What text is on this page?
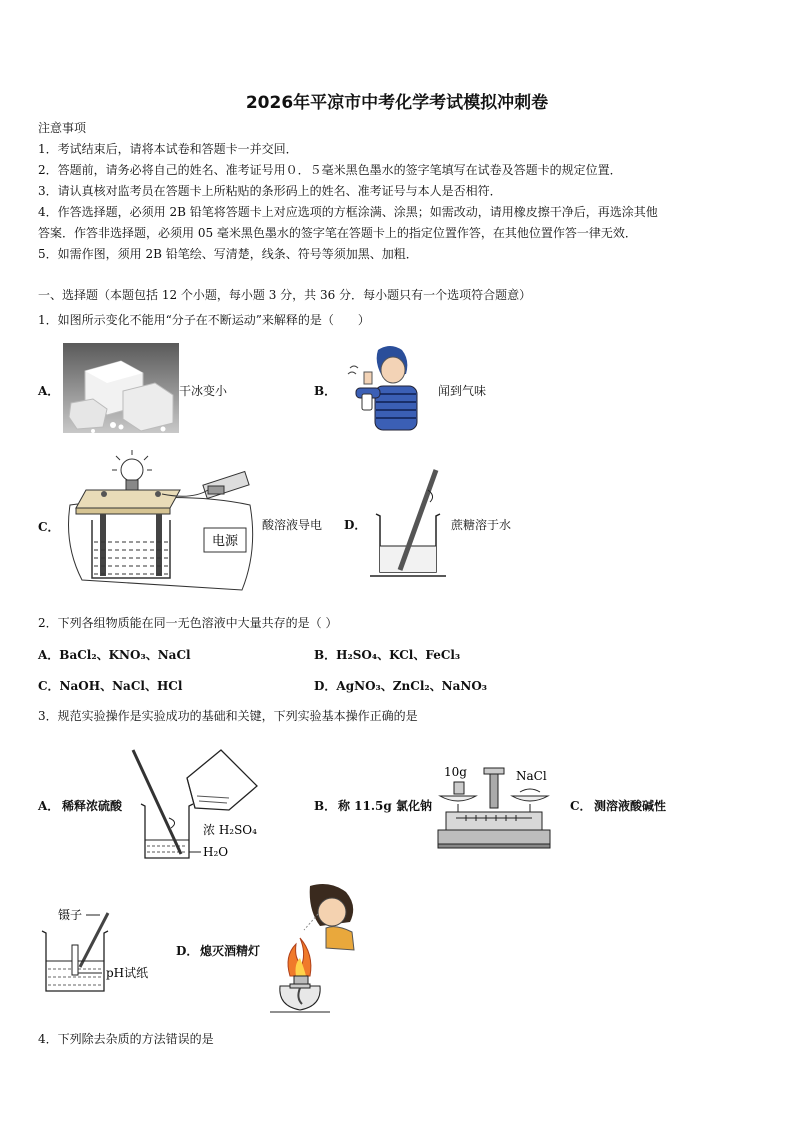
2026年平凉市中考化学考试模拟冲刺卷
注意事项
1．考试结束后，请将本试卷和答题卡一并交回．
2．答题前，请务必将自己的姓名、准考证号用０．５毫米黑色墨水的签字笔填写在试卷及答题卡的规定位置．
3．请认真核对监考员在答题卡上所粘贴的条形码上的姓名、准考证号与本人是否相符．
4．作答选择题，必须用 2B 铅笔将答题卡上对应选项的方框涂满、涂黑；如需改动，请用橡皮擦干净后，再选涂其他
答案．作答非选择题，必须用 05 毫米黑色墨水的签字笔在答题卡上的指定位置作答，在其他位置作答一律无效．
5．如需作图，须用 2B 铅笔绘、写清楚，线条、符号等须加黑、加粗．
一、选择题（本题包括 12 个小题，每小题 3 分，共 36 分．每小题只有一个选项符合题意）
1．如图所示变化不能用“分子在不断运动”来解释的是（　　）
A．	干冰变小	B．	闻到气味
C．
电源
酸溶液导电 D．	蔗糖溶于水
2．下列各组物质能在同一无色溶液中大量共存的是（ ）
A．BaCl₂、KNO₃、NaCl	B．H₂SO₄、KCl、FeCl₃
C．NaOH、NaCl、HCl	D．AgNO₃、ZnCl₂、NaNO₃
3．规范实验操作是实验成功的基础和关键，下列实验基本操作正确的是
A． 稀释浓硫酸
浓 H₂SO₄
H₂O
B． 称 11.5g 氯化钠
10g	NaCl
C． 测溶液酸碱性
镊子
pH试纸
D． 熄灭酒精灯
4．下列除去杂质的方法错误的是
